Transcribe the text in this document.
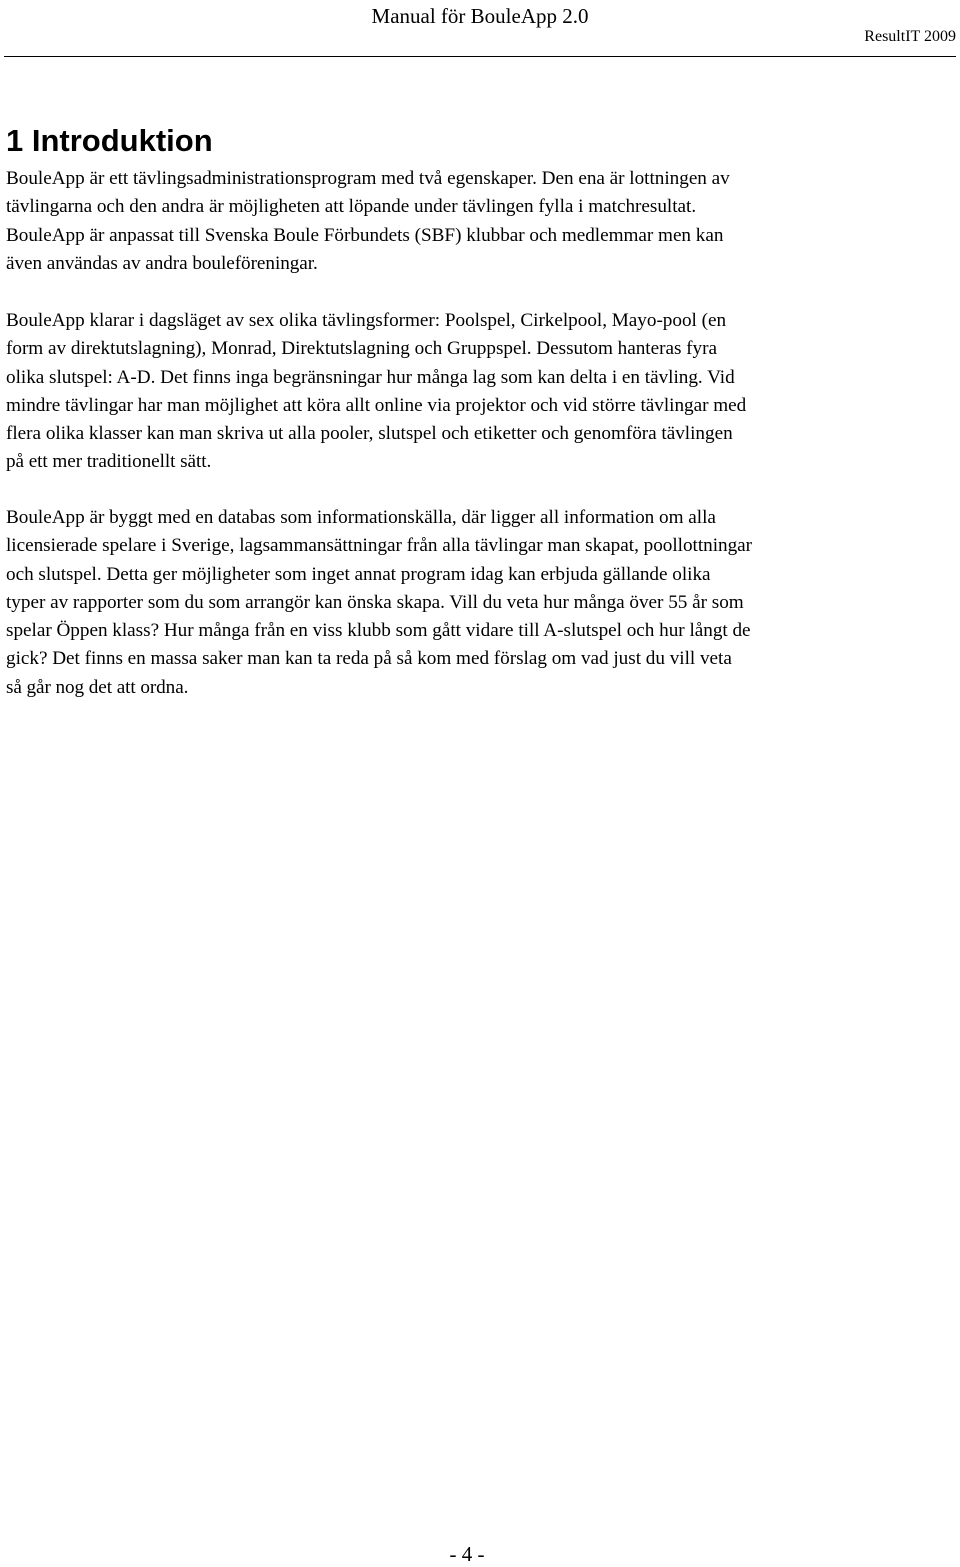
Manual för BouleApp 2.0
ResultIT 2009
1 Introduktion

BouleApp är ett tävlingsadministrationsprogram med två egenskaper. Den ena är lottningen av
tävlingarna och den andra är möjligheten att löpande under tävlingen fylla i matchresultat.
BouleApp är anpassat till Svenska Boule Förbundets (SBF) klubbar och medlemmar men kan
även användas av andra bouleföreningar.

BouleApp klarar i dagsläget av sex olika tävlingsformer: Poolspel, Cirkelpool, Mayo-pool (en
form av direktutslagning), Monrad, Direktutslagning och Gruppspel. Dessutom hanteras fyra
olika slutspel: A-D. Det finns inga begränsningar hur många lag som kan delta i en tävling. Vid
mindre tävlingar har man möjlighet att köra allt online via projektor och vid större tävlingar med
flera olika klasser kan man skriva ut alla pooler, slutspel och etiketter och genomföra tävlingen
på ett mer traditionellt sätt.

BouleApp är byggt med en databas som informationskälla, där ligger all information om alla
licensierade spelare i Sverige, lagsammansättningar från alla tävlingar man skapat, poollottningar
och slutspel. Detta ger möjligheter som inget annat program idag kan erbjuda gällande olika
typer av rapporter som du som arrangör kan önska skapa. Vill du veta hur många över 55 år som
spelar Öppen klass? Hur många från en viss klubb som gått vidare till A-slutspel och hur långt de
gick? Det finns en massa saker man kan ta reda på så kom med förslag om vad just du vill veta
så går nog det att ordna.

- 4 -
